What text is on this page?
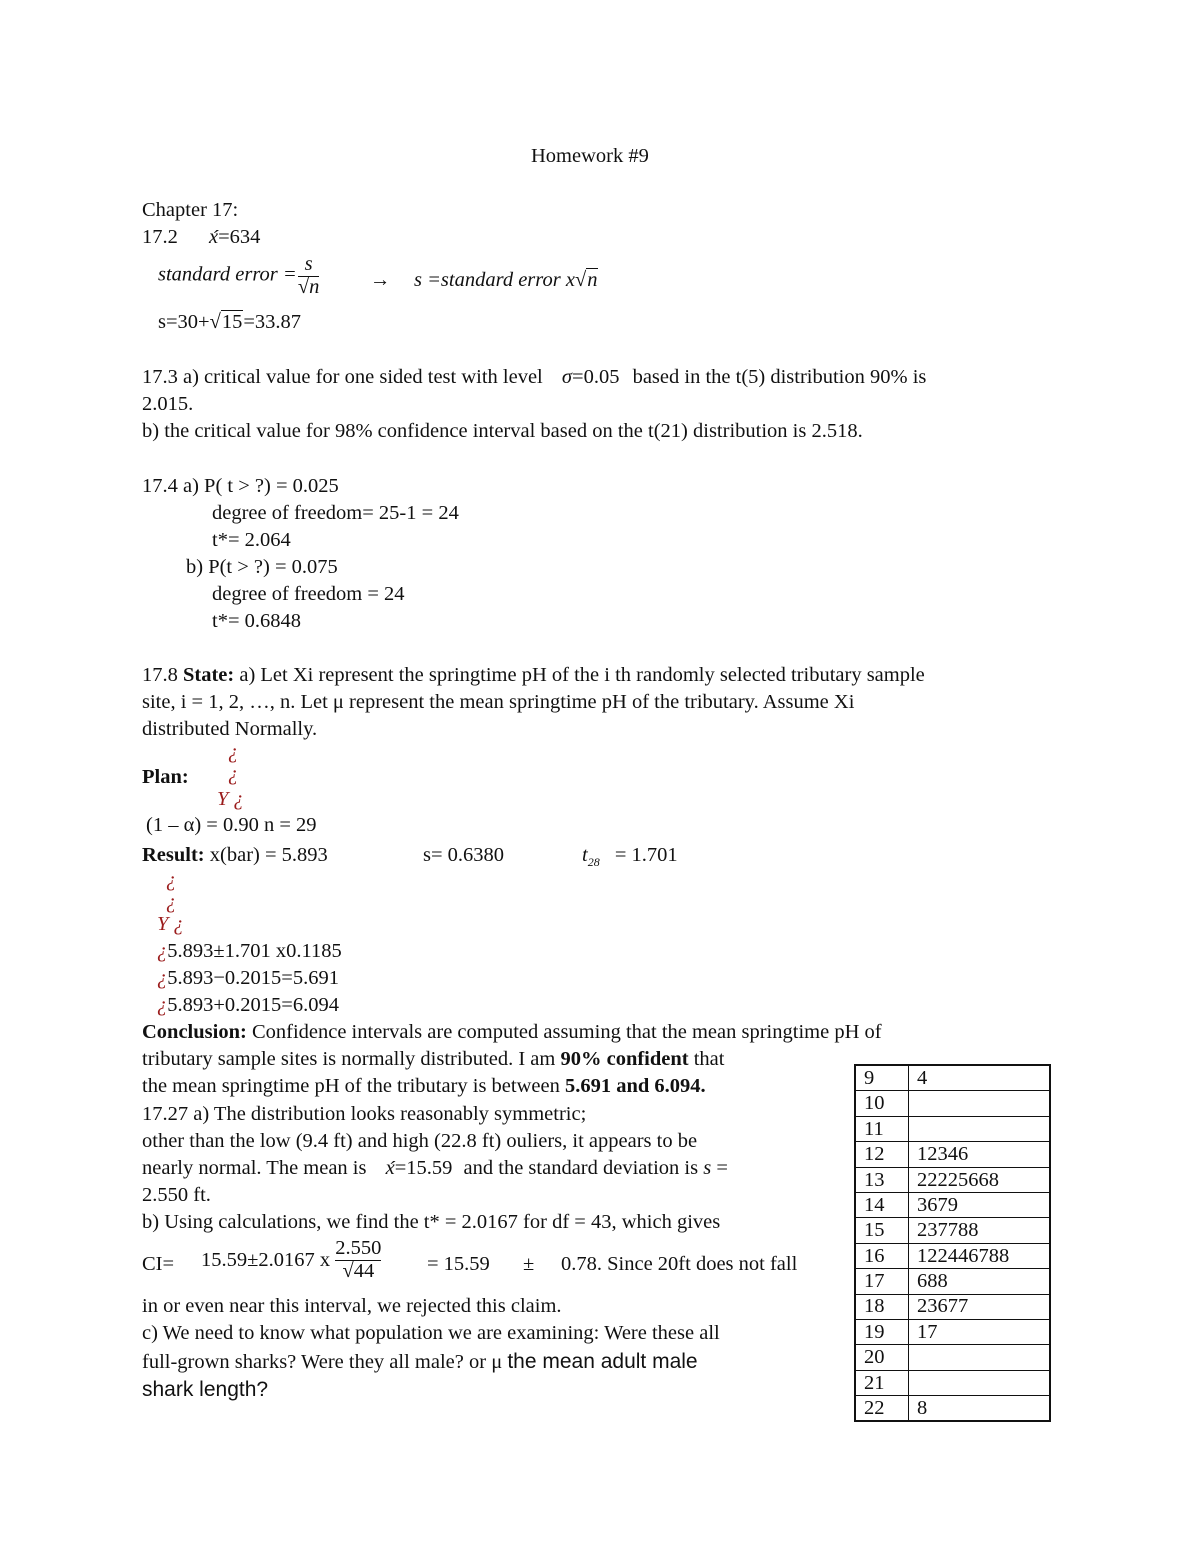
Homework #9
Chapter 17:
17.2 x́=634
standard error = $\frac{s}{√n} \to s$ =standard error x√n
s=30+√15=33.87
17.3 a) critical value for one sided test with level σ=0.05 based in the t(5) distribution 90% is
2.015.
b) the critical value for 98% confidence interval based on the t(21) distribution is 2.518.
17.4 a) P( t > ?) = 0.025
degree of freedom= 25-1 = 24
t*= 2.064
b) P(t > ?) = 0.075
degree of freedom = 24
t*= 0.6848
17.8 State: a) Let Xi represent the springtime pH of the i th randomly selected tributary sample
site, i = 1, 2, …, n. Let μ represent the mean springtime pH of the tributary. Assume Xi
distributed Normally.
¿
Plan: ¿
Y ¿
(1 – α) = 0.90 n = 29
Result: x(bar) = 5.893	s= 0.6380	$t_{28} = 1.701$
¿
¿
Y ¿
¿5.893±1.701 x0.1185
¿5.893−0.2015=5.691
¿5.893+0.2015=6.094
Conclusion: Confidence intervals are computed assuming that the mean springtime pH of
tributary sample sites is normally distributed. I am 90% confident that
the mean springtime pH of the tributary is between 5.691 and 6.094.
17.27 a) The distribution looks reasonably symmetric;
other than the low (9.4 ft) and high (22.8 ft) ouliers, it appears to be
nearly normal. The mean is x́=15.59 and the standard deviation is s =
2.550 ft.
b) Using calculations, we find the t* = 2.0167 for df = 43, which gives
CI= 15.59±2.0167 x $\frac{2.550}{√44} = 15.59 \pm 0.78$. Since 20ft does not fall
in or even near this interval, we rejected this claim.
c) We need to know what population we are examining: Were these all
full-grown sharks? Were they all male? or μ the mean adult male
shark length?
9	4
10	
11	
12	12346
13	22225668
14	3679
15	237788
16	122446788
17	688
18	23677
19	17
20	
21	
22	8
